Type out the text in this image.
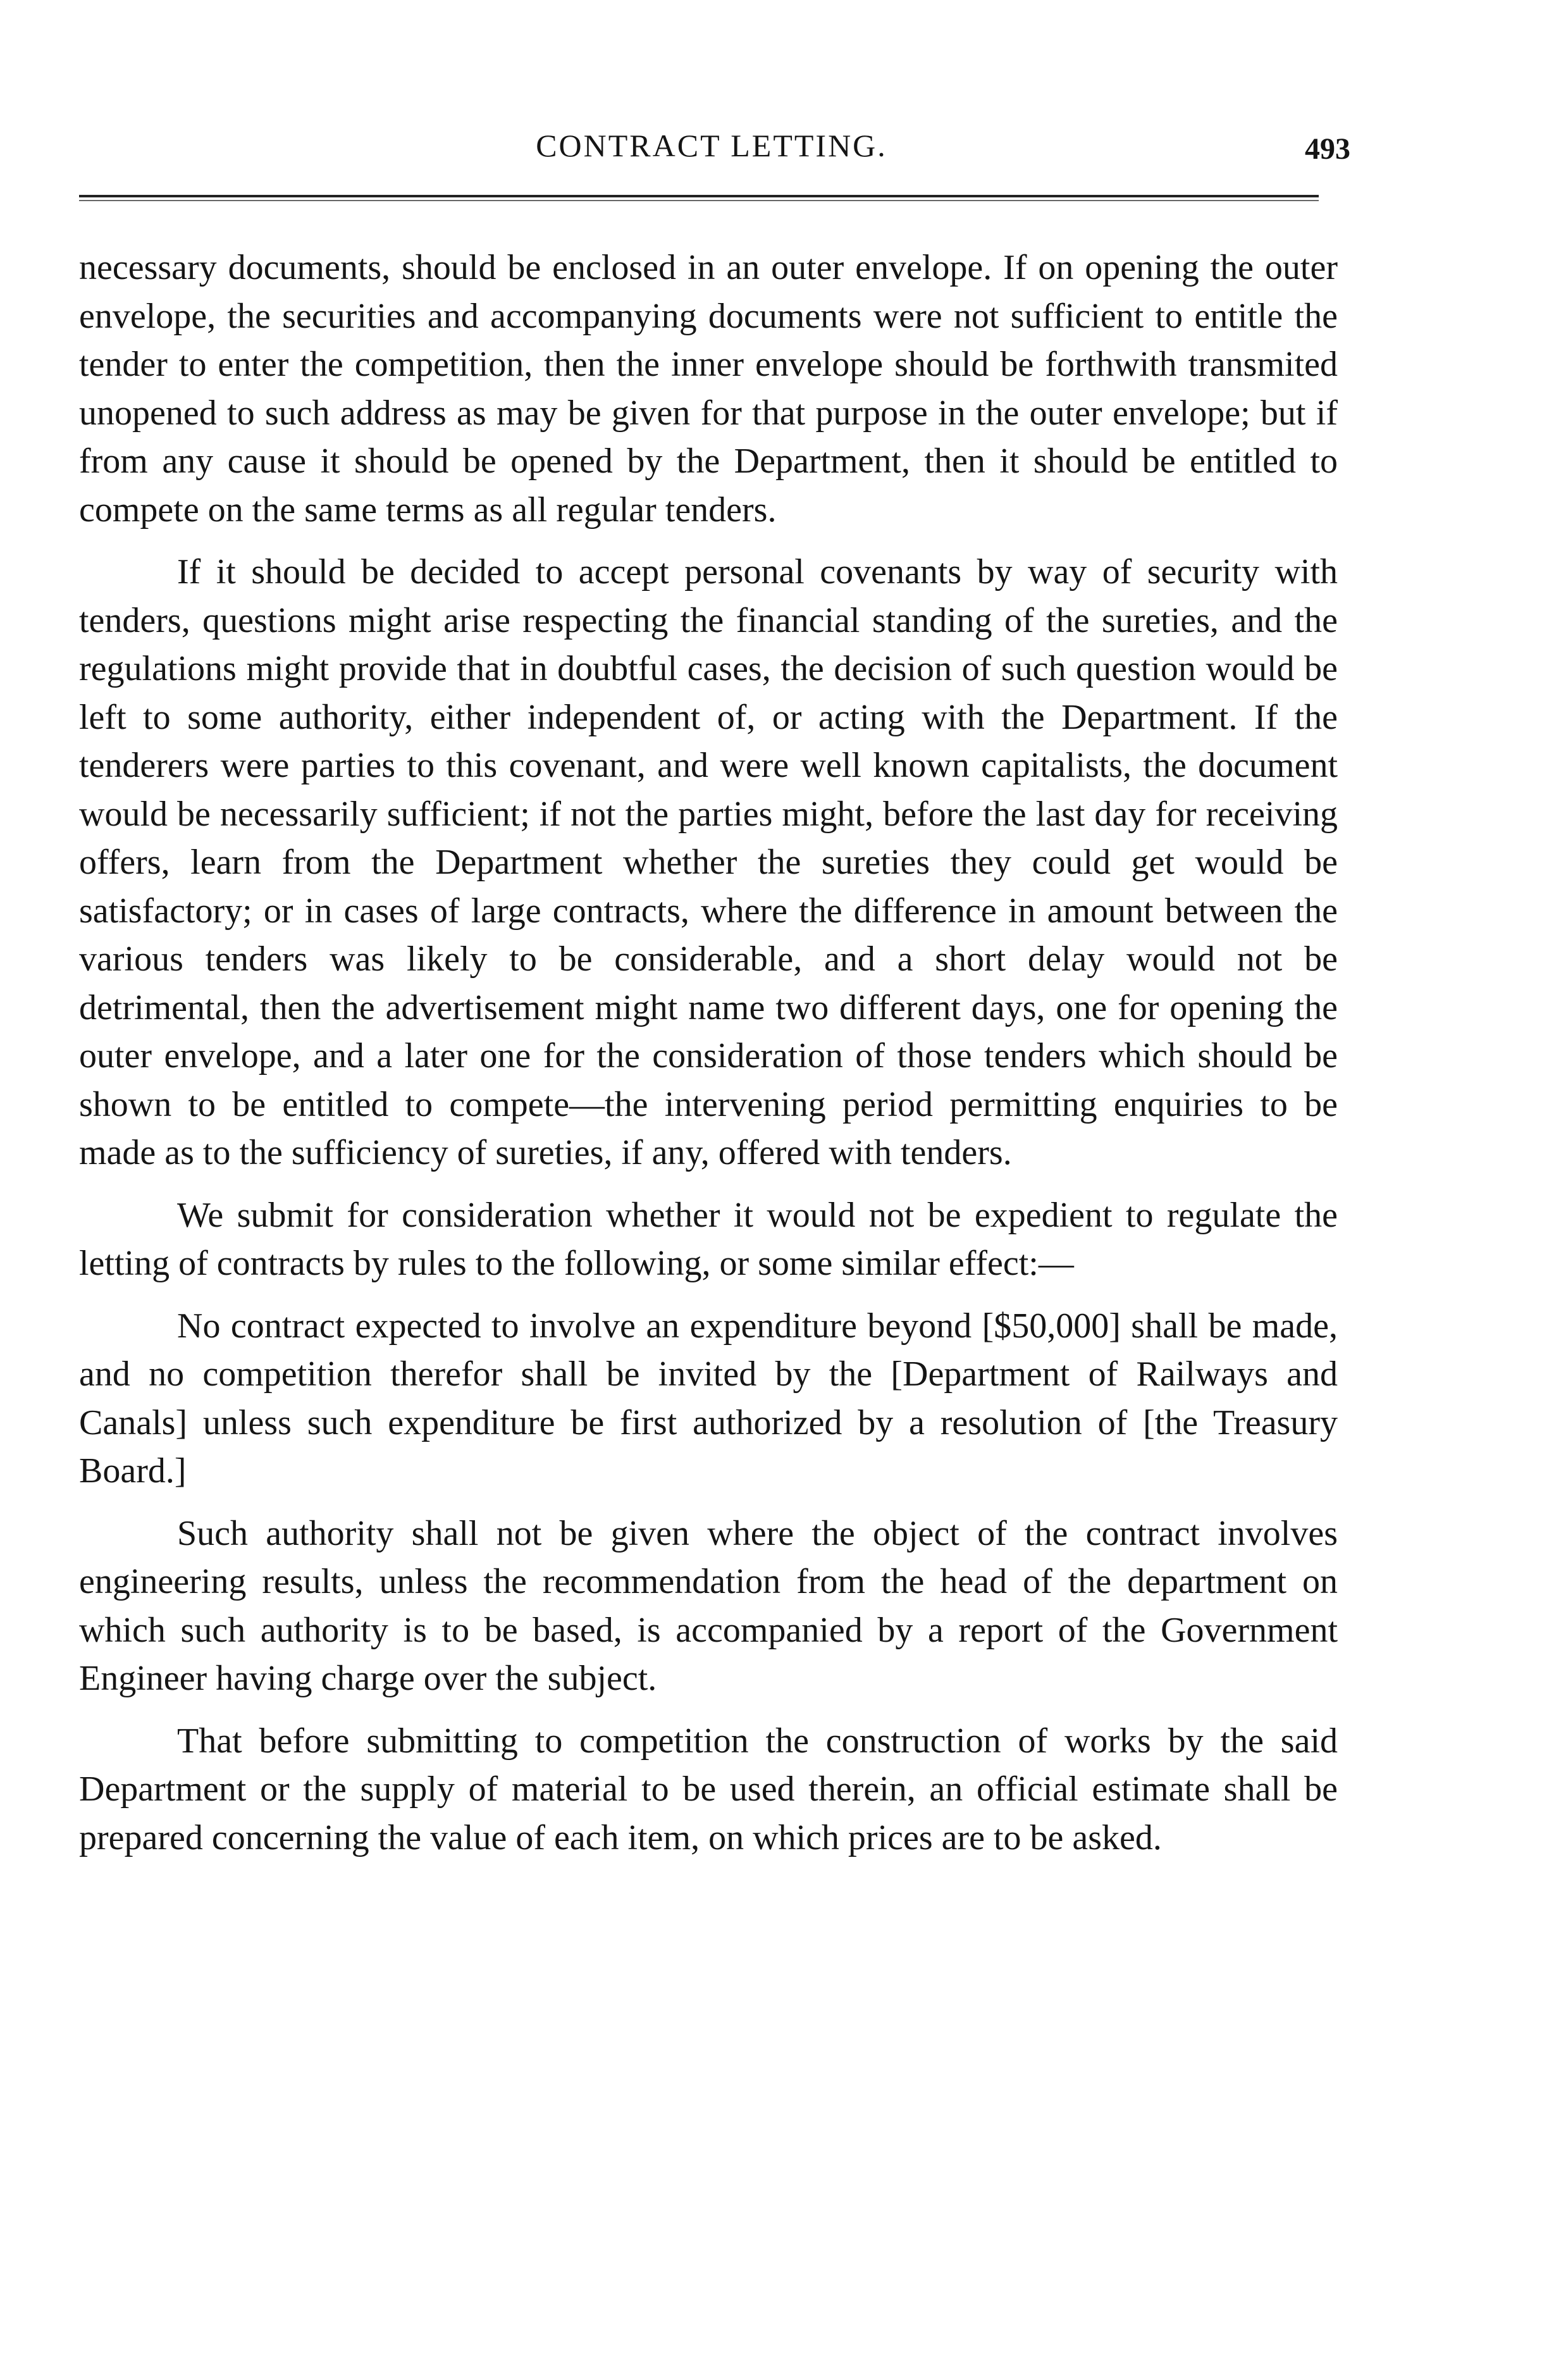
CONTRACT LETTING.	493

necessary documents, should be enclosed in an outer envelope. If on opening the outer envelope, the securities and accompanying documents were not sufficient to entitle the tender to enter the competition, then the inner envelope should be forthwith transmited unopened to such address as may be given for that purpose in the outer envelope; but if from any cause it should be opened by the Department, then it should be entitled to compete on the same terms as all regular tenders.

If it should be decided to accept personal covenants by way of security with tenders, questions might arise respecting the financial standing of the sureties, and the regulations might provide that in doubtful cases, the decision of such question would be left to some authority, either independent of, or acting with the Department. If the tenderers were parties to this covenant, and were well known capitalists, the document would be necessarily sufficient; if not the parties might, before the last day for receiving offers, learn from the Department whether the sureties they could get would be satisfactory; or in cases of large contracts, where the difference in amount between the various tenders was likely to be considerable, and a short delay would not be detrimental, then the advertisement might name two different days, one for opening the outer envelope, and a later one for the consideration of those tenders which should be shown to be entitled to compete—the intervening period permitting enquiries to be made as to the sufficiency of sureties, if any, offered with tenders.

We submit for consideration whether it would not be expedient to regulate the letting of contracts by rules to the following, or some similar effect:—

No contract expected to involve an expenditure beyond [$50,000] shall be made, and no competition therefor shall be invited by the [Department of Railways and Canals] unless such expenditure be first authorized by a resolution of [the Treasury Board.]

Such authority shall not be given where the object of the contract involves engineering results, unless the recommendation from the head of the department on which such authority is to be based, is accompanied by a report of the Government Engineer having charge over the subject.

That before submitting to competition the construction of works by the said Department or the supply of material to be used therein, an official estimate shall be prepared concerning the value of each item, on which prices are to be asked.
